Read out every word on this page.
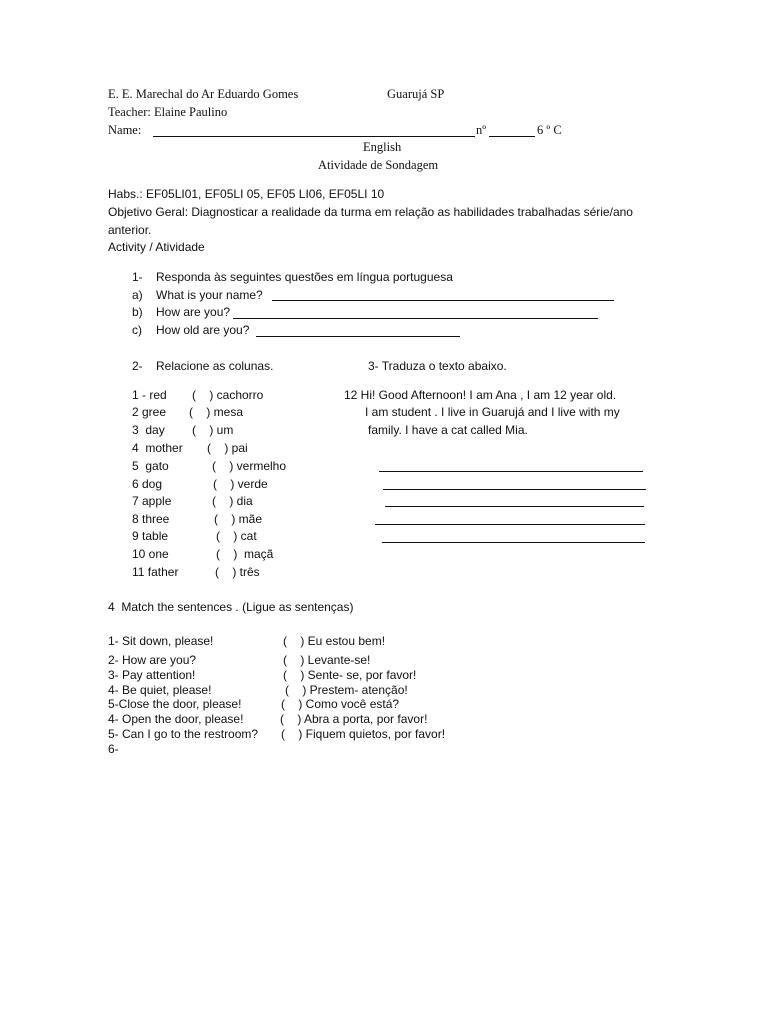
E. E. Marechal do Ar Eduardo Gomes	Guarujá SP
Teacher: Elaine Paulino
Name:	nº	6 º C
English
Atividade de Sondagem
Habs.: EF05LI01, EF05LI 05, EF05 LI06, EF05LI 10
Objetivo Geral: Diagnosticar a realidade da turma em relação as habilidades trabalhadas série/ano
anterior.
Activity / Atividade
1- Responda às seguintes questões em língua portuguesa
a) What is your name?
b) How are you?
c) How old are you?
2- Relacione as colunas.	3- Traduza o texto abaixo.
1 - red (    ) cachorro
2 gree (    ) mesa
3  day (    ) um
4  mother (    ) pai
5  gato	(    ) vermelho
6 dog	(    ) verde
7 apple	(    ) dia
8 three	(    ) mãe
9 table	(    ) cat
10 one	(    )  maçã
11 father	(    ) três
12 Hi! Good Afternoon! I am Ana , I am 12 year old.
I am student . I live in Guarujá and I live with my
family. I have a cat called Mia.
4  Match the sentences . (Ligue as sentenças)
1- Sit down, please!	(    ) Eu estou bem!
2- How are you?	(    ) Levante-se!
3- Pay attention!	(    ) Sente- se, por favor!
4- Be quiet, please!	(    ) Prestem- atenção!
5-Close the door, please!	(    ) Como você está?
4- Open the door, please!	(    ) Abra a porta, por favor!
5- Can I go to the restroom? (    ) Fiquem quietos, por favor!
6-
